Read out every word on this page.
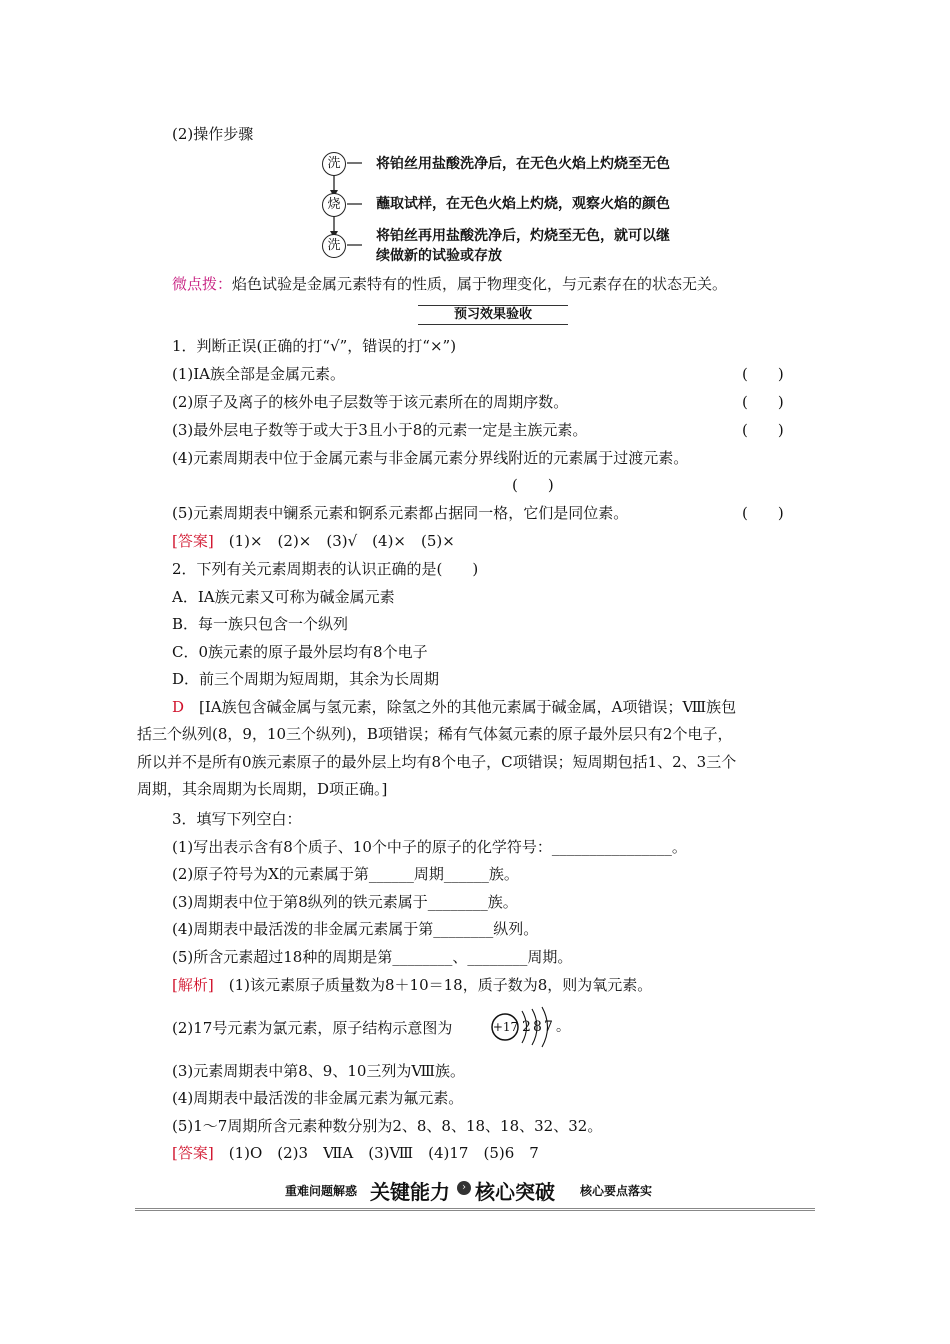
(2)操作步骤
洗
烧
洗
将铂丝用盐酸洗净后，在无色火焰上灼烧至无色
蘸取试样，在无色火焰上灼烧，观察火焰的颜色
将铂丝再用盐酸洗净后，灼烧至无色，就可以继
续做新的试验或存放
微点拨：焰色试验是金属元素特有的性质，属于物理变化，与元素存在的状态无关。
预习效果验收
1．判断正误(正确的打“√”，错误的打“×”)
(1)ⅠA族全部是金属元素。	(　　)
(2)原子及离子的核外电子层数等于该元素所在的周期序数。	(　　)
(3)最外层电子数等于或大于3且小于8的元素一定是主族元素。	(　　)
(4)元素周期表中位于金属元素与非金属元素分界线附近的元素属于过渡元素。
(　　)
(5)元素周期表中镧系元素和锕系元素都占据同一格，它们是同位素。	(　　)
[答案]　 (1)×　(2)×　(3)√　(4)×　(5)×
2．下列有关元素周期表的认识正确的是(　　)
A．ⅠA族元素又可称为碱金属元素
B．每一族只包含一个纵列
C．0族元素的原子最外层均有8个电子
D．前三个周期为短周期，其余为长周期
D　 [ⅠA族包含碱金属与氢元素，除氢之外的其他元素属于碱金属，A项错误；Ⅷ族包
括三个纵列(8，9，10三个纵列)，B项错误；稀有气体氦元素的原子最外层只有2个电子，
所以并不是所有0族元素原子的最外层上均有8个电子，C项错误；短周期包括1、2、3三个
周期，其余周期为长周期，D项正确。]
3．填写下列空白：
(1)写出表示含有8个质子、10个中子的原子的化学符号：________________。
(2)原子符号为X的元素属于第______周期______族。
(3)周期表中位于第8纵列的铁元素属于________族。
(4)周期表中最活泼的非金属元素属于第________纵列。
(5)所含元素超过18种的周期是第________、________周期。
[解析]　 (1)该元素原子质量数为8＋10＝18，质子数为8，则为氧元素。
(2)17号元素为氯元素，原子结构示意图为	+17 2 8 7 。
(3)元素周期表中第8、9、10三列为Ⅷ族。
(4)周期表中最活泼的非金属元素为氟元素。
(5)1～7周期所含元素种数分别为2、8、8、18、18、32、32。
[答案]　 (1)O　(2)3　ⅦA　(3)Ⅷ　(4)17　(5)6　7
重难问题解惑 关键能力	› 核心突破 核心要点落实
